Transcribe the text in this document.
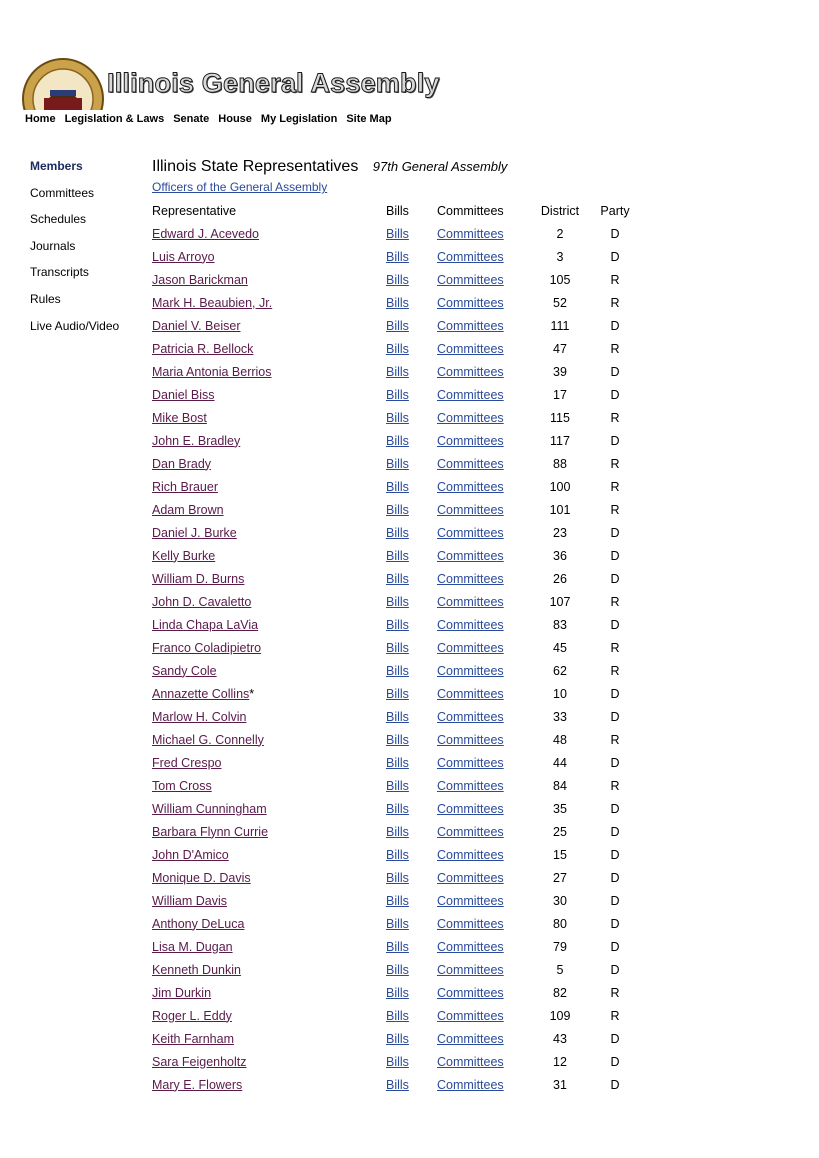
Illinois General Assembly
Home Legislation & Laws Senate House My Legislation Site Map
Members
Committees
Schedules
Journals
Transcripts
Rules
Live Audio/Video
Illinois State Representatives 97th General Assembly
Officers of the General Assembly
Representative	Bills	Committees	District	Party
Edward J. Acevedo	Bills	Committees	2	D
Luis Arroyo	Bills	Committees	3	D
Jason Barickman	Bills	Committees	105	R
Mark H. Beaubien, Jr.	Bills	Committees	52	R
Daniel V. Beiser	Bills	Committees	111	D
Patricia R. Bellock	Bills	Committees	47	R
Maria Antonia Berrios	Bills	Committees	39	D
Daniel Biss	Bills	Committees	17	D
Mike Bost	Bills	Committees	115	R
John E. Bradley	Bills	Committees	117	D
Dan Brady	Bills	Committees	88	R
Rich Brauer	Bills	Committees	100	R
Adam Brown	Bills	Committees	101	R
Daniel J. Burke	Bills	Committees	23	D
Kelly Burke	Bills	Committees	36	D
William D. Burns	Bills	Committees	26	D
John D. Cavaletto	Bills	Committees	107	R
Linda Chapa LaVia	Bills	Committees	83	D
Franco Coladipietro	Bills	Committees	45	R
Sandy Cole	Bills	Committees	62	R
Annazette Collins*	Bills	Committees	10	D
Marlow H. Colvin	Bills	Committees	33	D
Michael G. Connelly	Bills	Committees	48	R
Fred Crespo	Bills	Committees	44	D
Tom Cross	Bills	Committees	84	R
William Cunningham	Bills	Committees	35	D
Barbara Flynn Currie	Bills	Committees	25	D
John D'Amico	Bills	Committees	15	D
Monique D. Davis	Bills	Committees	27	D
William Davis	Bills	Committees	30	D
Anthony DeLuca	Bills	Committees	80	D
Lisa M. Dugan	Bills	Committees	79	D
Kenneth Dunkin	Bills	Committees	5	D
Jim Durkin	Bills	Committees	82	R
Roger L. Eddy	Bills	Committees	109	R
Keith Farnham	Bills	Committees	43	D
Sara Feigenholtz	Bills	Committees	12	D
Mary E. Flowers	Bills	Committees	31	D
